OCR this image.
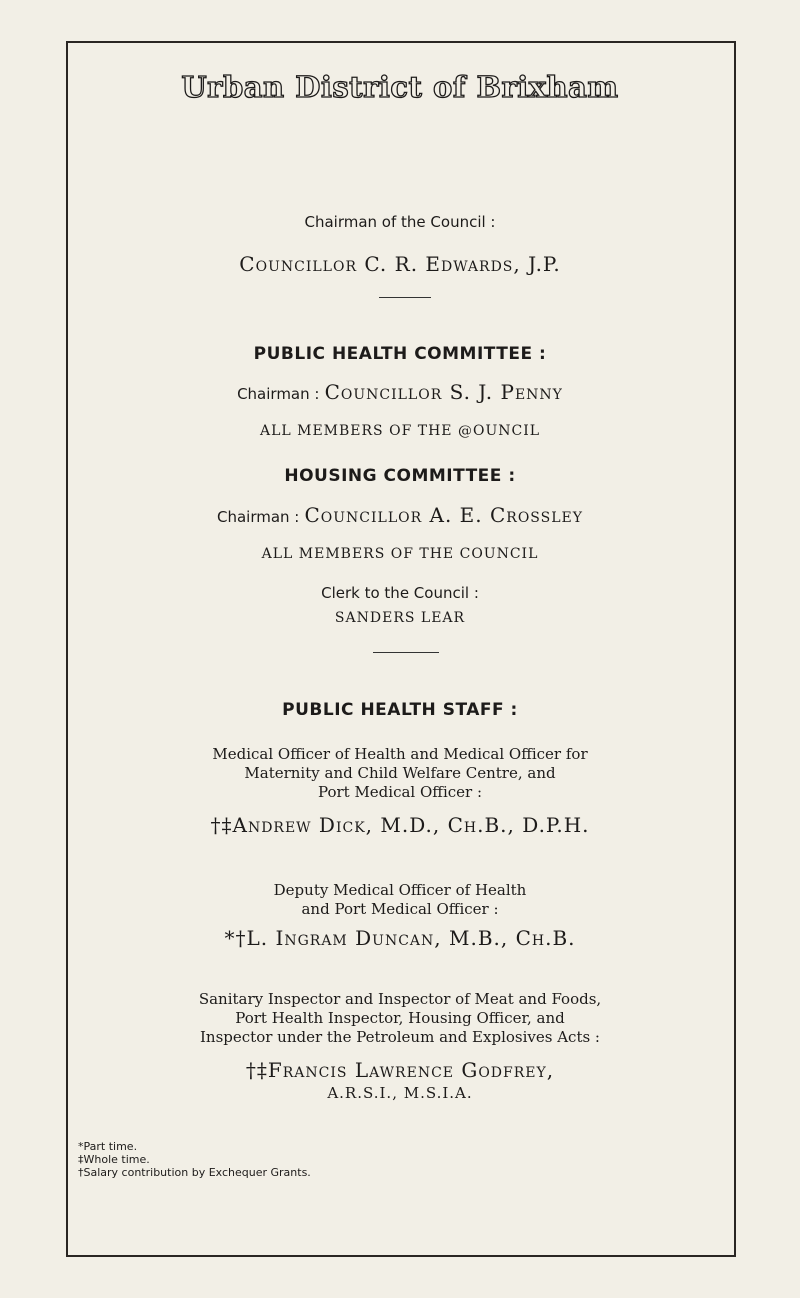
Urban District of Brixham
Chairman of the Council :
Councillor C. R. Edwards, J.P.
PUBLIC HEALTH COMMITTEE :
Chairman : Councillor S. J. Penny
ALL MEMBERS OF THE @OUNCIL
HOUSING COMMITTEE :
Chairman : Councillor A. E. Crossley
ALL MEMBERS OF THE COUNCIL
Clerk to the Council :
SANDERS LEAR
PUBLIC HEALTH STAFF :
Medical Officer of Health and Medical Officer for
Maternity and Child Welfare Centre, and
Port Medical Officer :
†‡Andrew Dick, M.D., Ch.B., D.P.H.
Deputy Medical Officer of Health
and Port Medical Officer :
*†L. Ingram Duncan, M.B., Ch.B.
Sanitary Inspector and Inspector of Meat and Foods,
Port Health Inspector, Housing Officer, and
Inspector under the Petroleum and Explosives Acts :
†‡Francis Lawrence Godfrey,
A.R.S.I., M.S.I.A.
*Part time.
‡Whole time.
†Salary contribution by Exchequer Grants.
